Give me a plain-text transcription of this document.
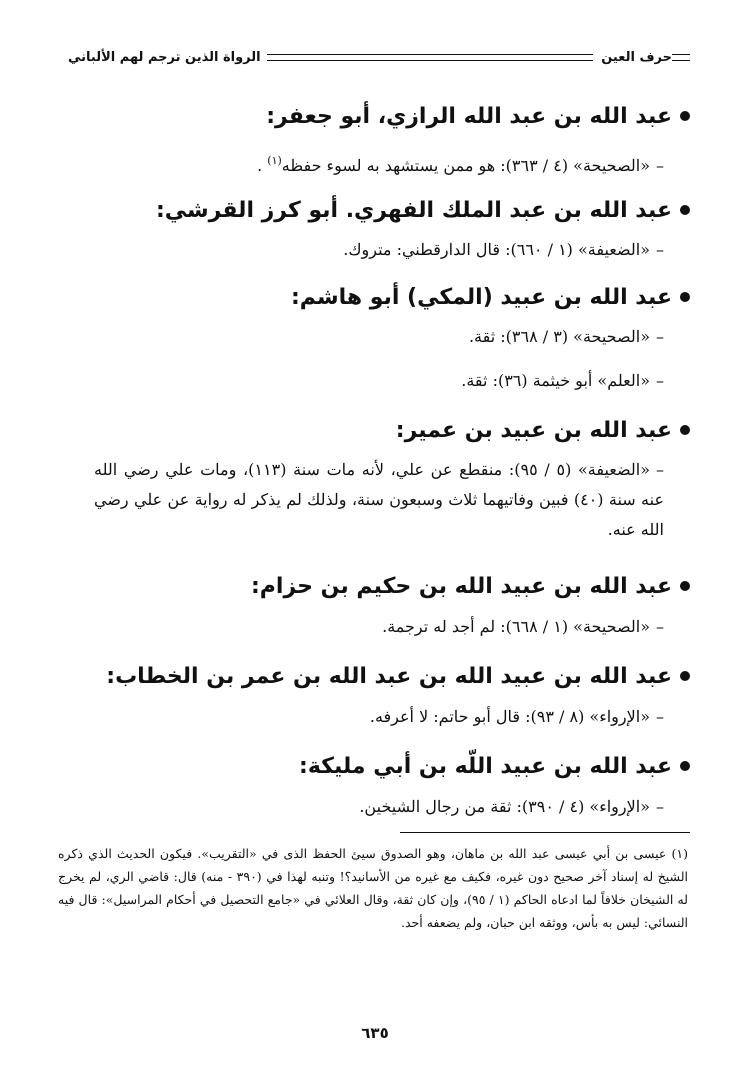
الرواة الذين ترجم لهم الألباني	حرف العين
عبد الله بن عبد الله الرازي، أبو جعفر:
–«الصحيحة» (٤ / ٣٦٣): هو ممن يستشهد به لسوء حفظه$^{(١)}$ .
عبد الله بن عبد الملك الفهري. أبو كرز القرشي:
–«الضعيفة» (١ / ٦٦٠): قال الدارقطني: متروك.
عبد الله بن عبيد (المكي) أبو هاشم:
–«الصحيحة» (٣ / ٣٦٨): ثقة.
–«العلم» أبو خيثمة (٣٦): ثقة.
عبد الله بن عبيد بن عمير:
–«الضعيفة» (٥ / ٩٥): منقطع عن علي، لأنه مات سنة (١١٣)، ومات علي رضي الله عنه سنة (٤٠) فبين وفاتيهما ثلاث وسبعون سنة، ولذلك لم يذكر له رواية عن علي رضي الله عنه.
عبد الله بن عبيد الله بن حكيم بن حزام:
–«الصحيحة» (١ / ٦٦٨): لم أجد له ترجمة.
عبد الله بن عبيد الله بن عبد الله بن عمر بن الخطاب:
–«الإرواء» (٨ / ٩٣): قال أبو حاتم: لا أعرفه.
عبد الله بن عبيد اللّه بن أبي مليكة:
–«الإرواء» (٤ / ٣٩٠): ثقة من رجال الشيخين.
(١) عيسى بن أبي عيسى عبد الله بن ماهان، وهو الصدوق سيئ الحفظ الذى في «التقريب». فيكون الحديث الذي ذكره الشيخ له إسناد آخر صحيح دون غيره، فكيف مع غيره من الأسانيد؟! وتنبه لهذا في (٣٩٠ - منه) قال: قاضي الري، لم يخرج له الشيخان خلافاً لما ادعاه الحاكم (١ / ٩٥)، وإن كان ثقة، وقال العلائي في «جامع التحصيل في أحكام المراسيل»: قال فيه النسائي: ليس به بأس، ووثقه ابن حبان، ولم يضعفه أحد.
٦٣٥
